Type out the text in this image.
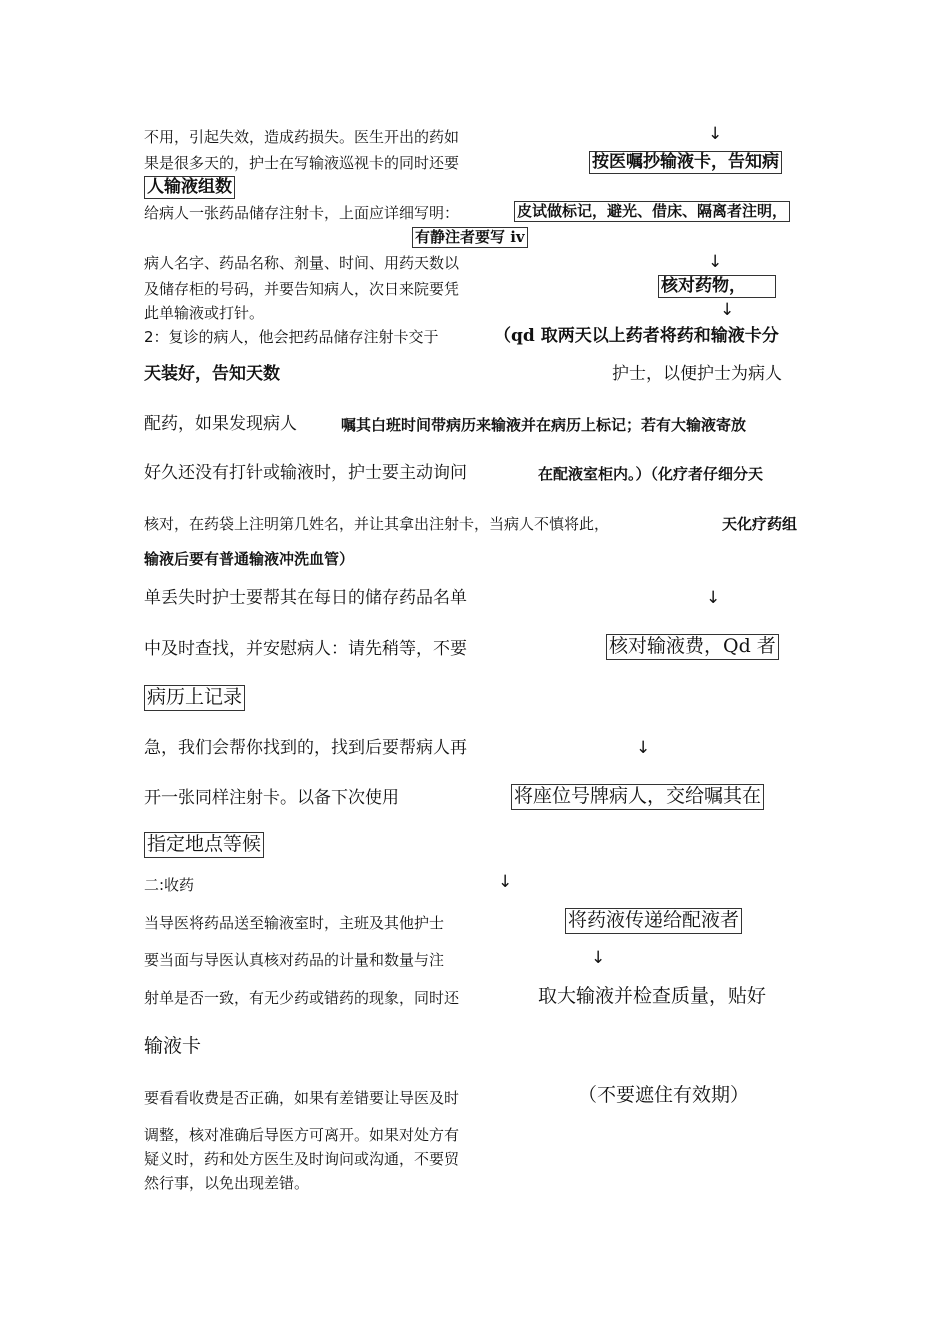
不用，引起失效，造成药损失。医生开出的药如
果是很多天的，护士在写输液巡视卡的同时还要
给病人一张药品储存注射卡，上面应详细写明：
病人名字、药品名称、剂量、时间、用药天数以
及储存柜的号码，并要告知病人，次日来院要凭
此单输液或打针。
2：复诊的病人，他会把药品储存注射卡交于
配药，如果发现病人
好久还没有打针或输液时，护士要主动询问
核对，在药袋上注明第几姓名，并让其拿出注射卡，当病人不慎将此，
单丢失时护士要帮其在每日的储存药品名单
中及时查找，并安慰病人：请先稍等，不要
急，我们会帮你找到的，找到后要帮病人再
开一张同样注射卡。以备下次使用
二:收药
当导医将药品送至输液室时，主班及其他护士
要当面与导医认真核对药品的计量和数量与注
射单是否一致，有无少药或错药的现象，同时还
要看看收费是否正确，如果有差错要让导医及时
调整，核对准确后导医方可离开。如果对处方有
疑义时，药和处方医生及时询问或沟通，不要贸
然行事，以免出现差错。
↓
按医嘱抄输液卡，告知病
人输液组数
皮试做标记，避光、借床、隔离者注明，
有静注者要写 iv
↓
核对药物，
↓
（qd 取两天以上药者将药和输液卡分
天装好，告知天数	护士，以便护士为病人
嘱其白班时间带病历来输液并在病历上标记；若有大输液寄放
在配液室柜内。）（化疗者仔细分天
天化疗药组
输液后要有普通输液冲洗血管）
↓
核对输液费，Qd 者
病历上记录
↓
将座位号牌病人，交给嘱其在
指定地点等候
↓
将药液传递给配液者
↓
取大输液并检查质量，贴好
输液卡
（不要遮住有效期）
